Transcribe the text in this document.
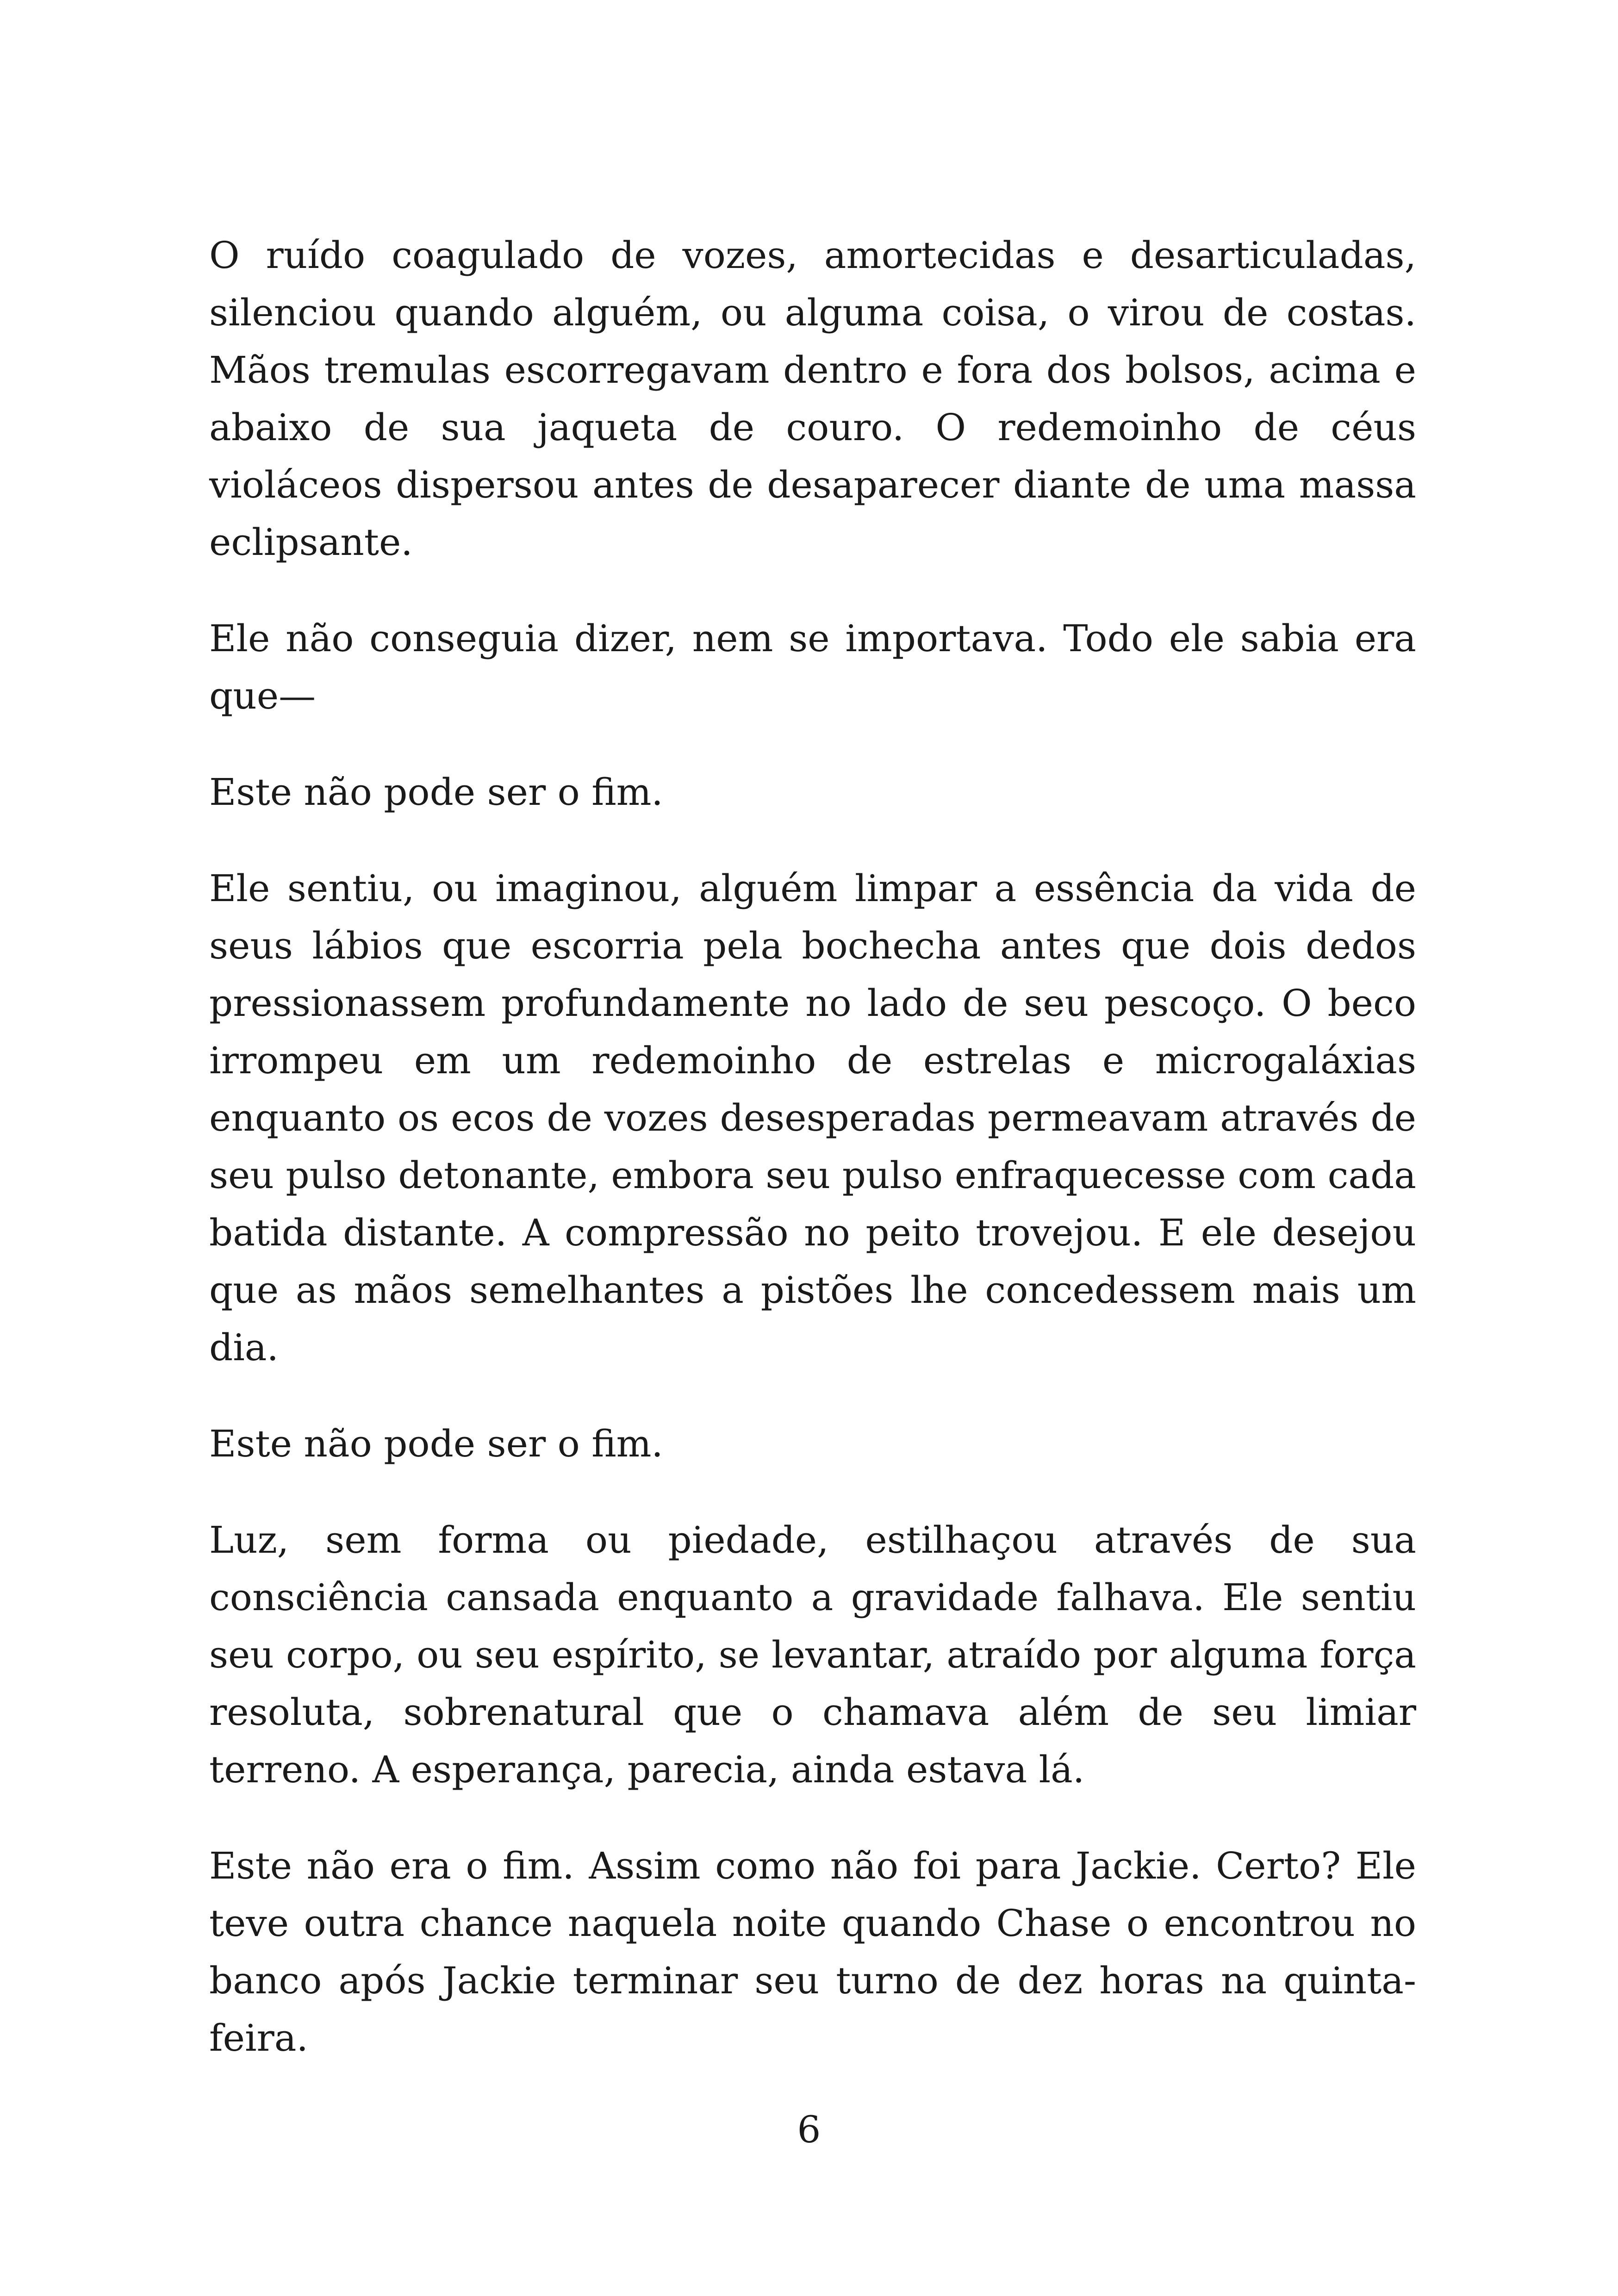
O ruído coagulado de vozes, amortecidas e desarticuladas, silenciou quando alguém, ou alguma coisa, o virou de costas. Mãos tremulas escorregavam dentro e fora dos bolsos, acima e abaixo de sua jaqueta de couro. O redemoinho de céus violáceos dispersou antes de desaparecer diante de uma massa eclipsante.

Ele não conseguia dizer, nem se importava. Todo ele sabia era que—

Este não pode ser o fim.

Ele sentiu, ou imaginou, alguém limpar a essência da vida de seus lábios que escorria pela bochecha antes que dois dedos pressionassem profundamente no lado de seu pescoço. O beco irrompeu em um redemoinho de estrelas e microgaláxias enquanto os ecos de vozes desesperadas permeavam através de seu pulso detonante, embora seu pulso enfraquecesse com cada batida distante. A compressão no peito trovejou. E ele desejou que as mãos semelhantes a pistões lhe concedessem mais um dia.

Este não pode ser o fim.

Luz, sem forma ou piedade, estilhaçou através de sua consciência cansada enquanto a gravidade falhava. Ele sentiu seu corpo, ou seu espírito, se levantar, atraído por alguma força resoluta, sobrenatural que o chamava além de seu limiar terreno. A esperança, parecia, ainda estava lá.

Este não era o fim. Assim como não foi para Jackie. Certo? Ele teve outra chance naquela noite quando Chase o encontrou no banco após Jackie terminar seu turno de dez horas na quinta-feira.

6
